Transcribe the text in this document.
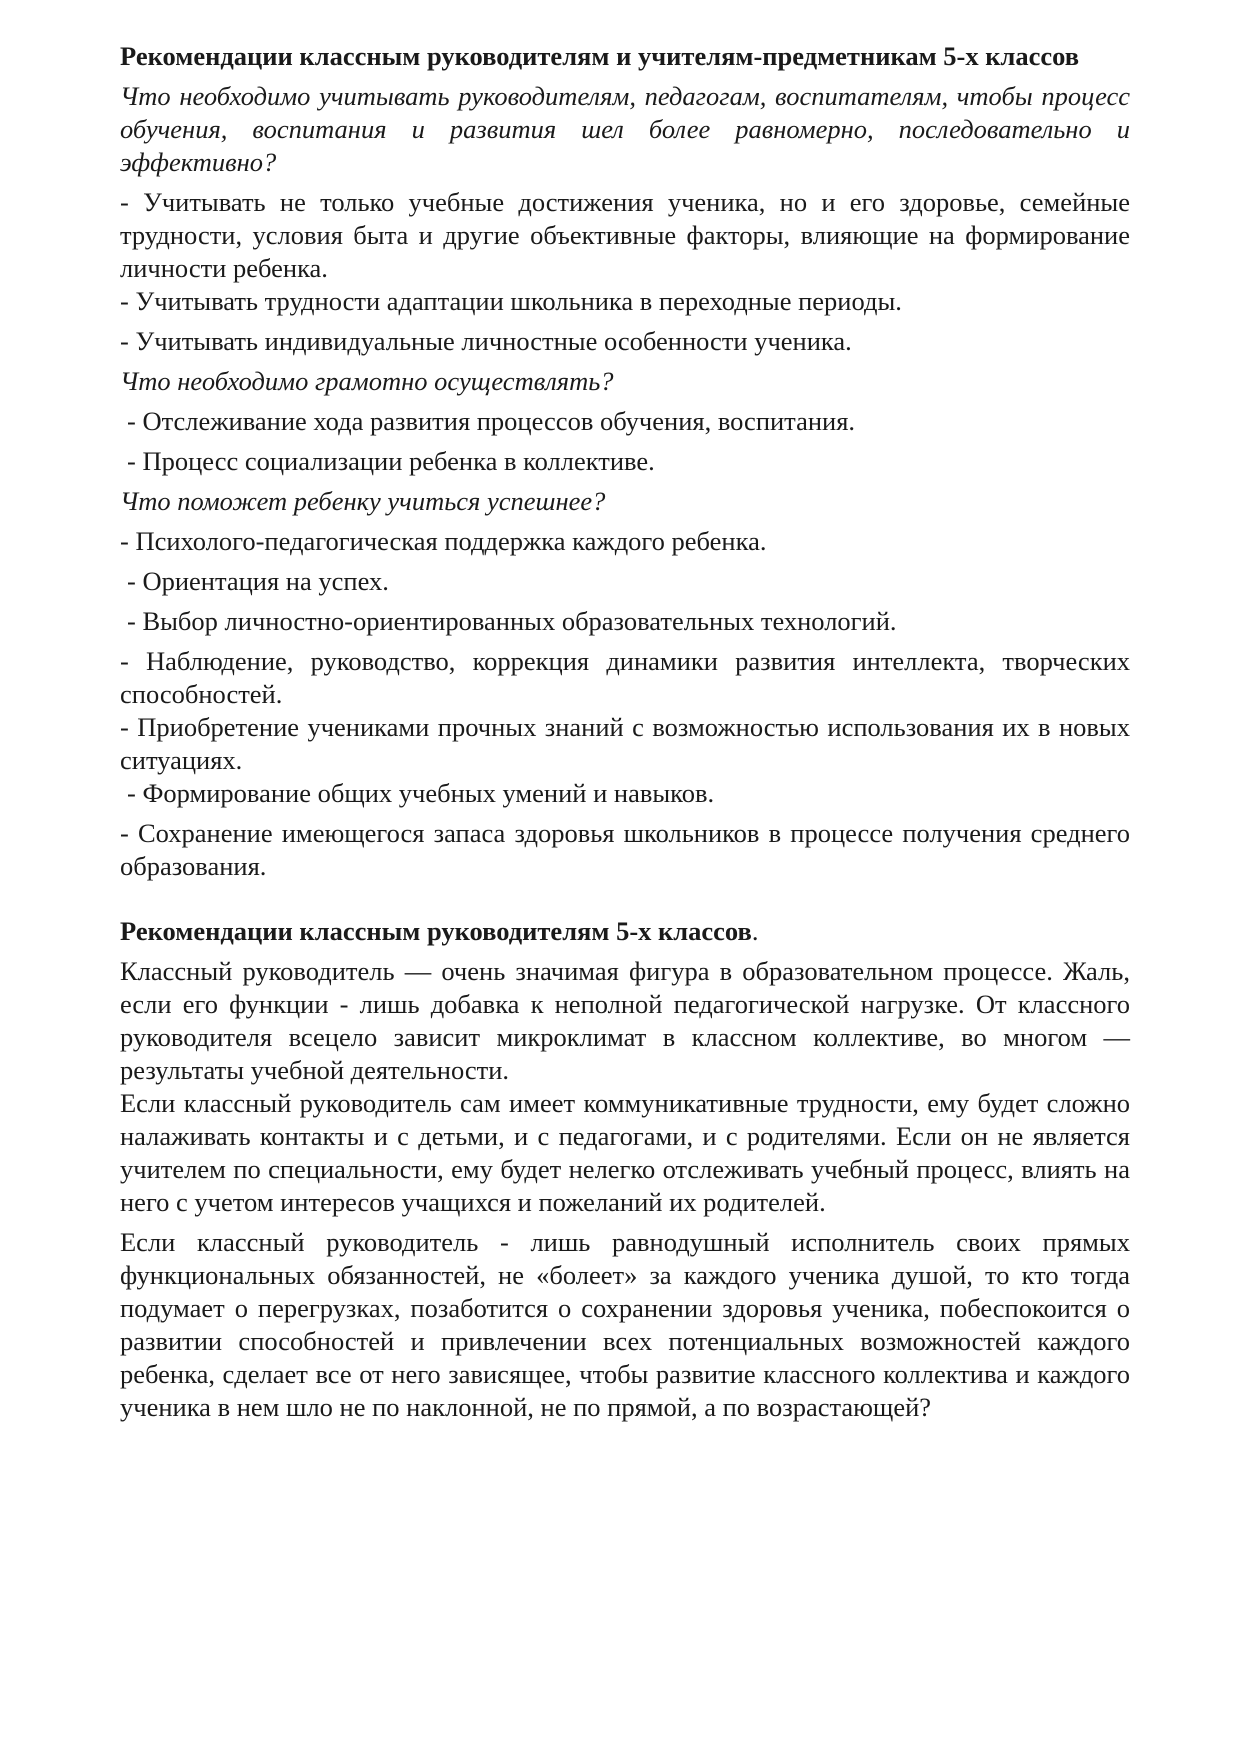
Рекомендации классным руководителям и учителям-предметникам 5-х классов

Что необходимо учитывать руководителям, педагогам, воспитателям, чтобы процесс обучения, воспитания и развития шел более равномерно, последовательно и эффективно?

- Учитывать не только учебные достижения ученика, но и его здоровье, семейные трудности, условия быта и другие объективные факторы, влияющие на формирование личности ребенка.

- Учитывать трудности адаптации школьника в переходные периоды.

- Учитывать индивидуальные личностные особенности ученика.

Что необходимо грамотно осуществлять?

- Отслеживание хода развития процессов обучения, воспитания.

- Процесс социализации ребенка в коллективе.

Что поможет ребенку учиться успешнее?

- Психолого-педагогическая поддержка каждого ребенка.

- Ориентация на успех.

- Выбор личностно-ориентированных образовательных технологий.

- Наблюдение, руководство, коррекция динамики развития интеллекта, творческих способностей.

- Приобретение учениками прочных знаний с возможностью использования их в новых ситуациях.

- Формирование общих учебных умений и навыков.

- Сохранение имеющегося запаса здоровья школьников в процессе получения среднего образования.

Рекомендации классным руководителям 5-х классов.

Классный руководитель — очень значимая фигура в образовательном процессе. Жаль, если его функции - лишь добавка к неполной педагогической нагрузке. От классного руководителя всецело зависит микроклимат в классном коллективе, во многом — результаты учебной деятельности.

Если классный руководитель сам имеет коммуникативные трудности, ему будет сложно налаживать контакты и с детьми, и с педагогами, и с родителями. Если он не является учителем по специальности, ему будет нелегко отслеживать учебный процесс, влиять на него с учетом интересов учащихся и пожеланий их родителей.

Если классный руководитель - лишь равнодушный исполнитель своих прямых функциональных обязанностей, не «болеет» за каждого ученика душой, то кто тогда подумает о перегрузках, позаботится о сохранении здоровья ученика, побеспокоится о развитии способностей и привлечении всех потенциальных возможностей каждого ребенка, сделает все от него зависящее, чтобы развитие классного коллектива и каждого ученика в нем шло не по наклонной, не по прямой, а по возрастающей?
